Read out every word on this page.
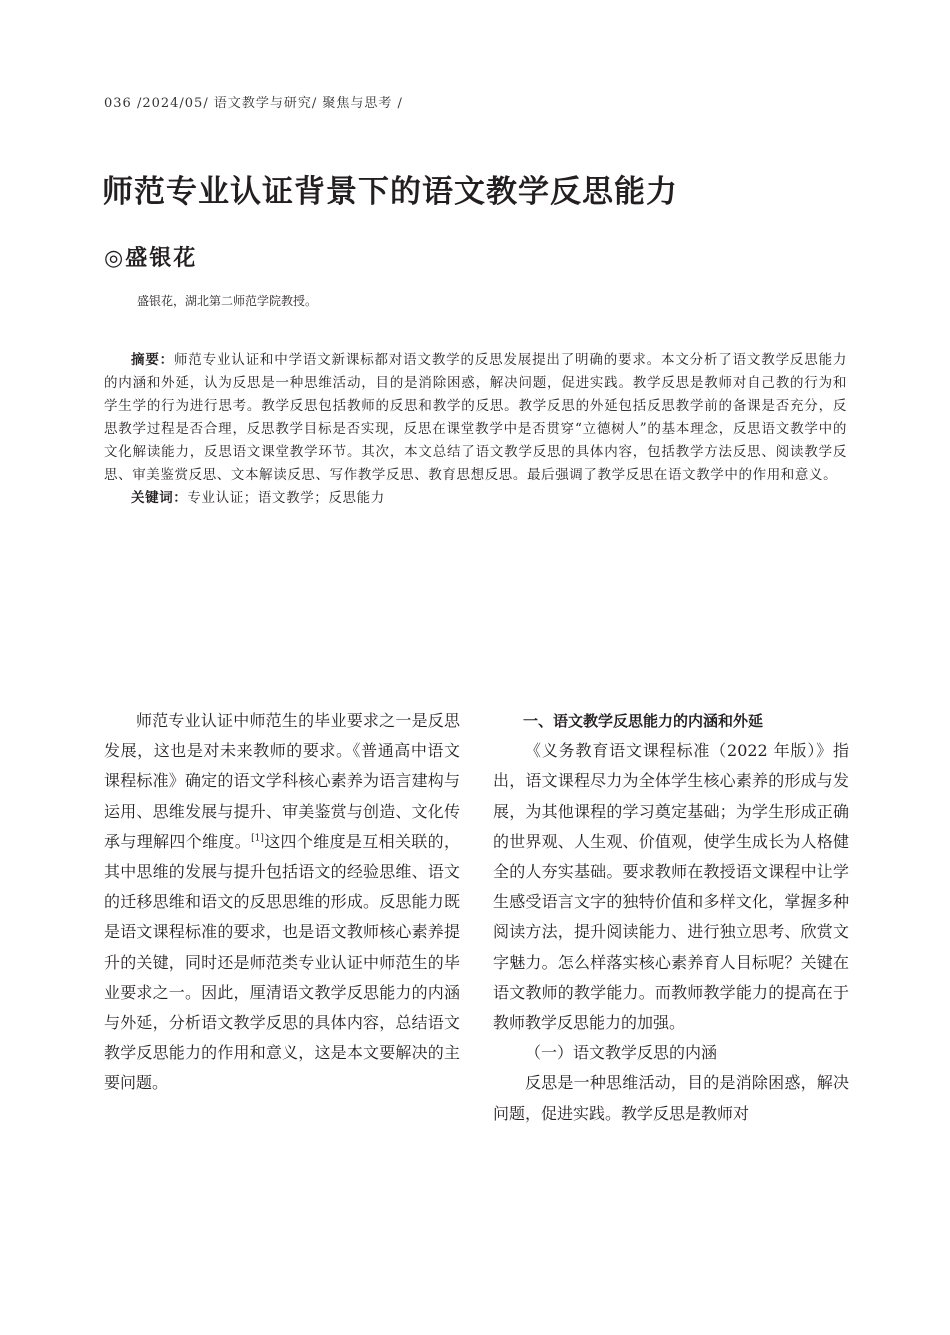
036 /2024/05/ 语文教学与研究/ 聚焦与思考 /
师范专业认证背景下的语文教学反思能力
◎盛银花
盛银花，湖北第二师范学院教授。

摘要：师范专业认证和中学语文新课标都对语文教学的反思发展提出了明确的要求。本文分析了语文教学反思能力的内涵和外延，认为反思是一种思维活动，目的是消除困惑，解决问题，促进实践。教学反思是教师对自己教的行为和学生学的行为进行思考。教学反思包括教师的反思和教学的反思。教学反思的外延包括反思教学前的备课是否充分，反思教学过程是否合理，反思教学目标是否实现，反思在课堂教学中是否贯穿“立德树人”的基本理念，反思语文教学中的文化解读能力，反思语文课堂教学环节。其次，本文总结了语文教学反思的具体内容，包括教学方法反思、阅读教学反思、审美鉴赏反思、文本解读反思、写作教学反思、教育思想反思。最后强调了教学反思在语文教学中的作用和意义。

关键词：专业认证；语文教学；反思能力

师范专业认证中师范生的毕业要求之一是反思发展，这也是对未来教师的要求。《普通高中语文课程标准》确定的语文学科核心素养为语言建构与运用、思维发展与提升、审美鉴赏与创造、文化传承与理解四个维度。[1]这四个维度是互相关联的，其中思维的发展与提升包括语文的经验思维、语文的迁移思维和语文的反思思维的形成。反思能力既是语文课程标准的要求，也是语文教师核心素养提升的关键，同时还是师范类专业认证中师范生的毕业要求之一。因此，厘清语文教学反思能力的内涵与外延，分析语文教学反思的具体内容，总结语文教学反思能力的作用和意义，这是本文要解决的主要问题。

一、语文教学反思能力的内涵和外延

《义务教育语文课程标准（2022 年版）》指出，语文课程尽力为全体学生核心素养的形成与发展，为其他课程的学习奠定基础；为学生形成正确的世界观、人生观、价值观，使学生成长为人格健全的人夯实基础。要求教师在教授语文课程中让学生感受语言文字的独特价值和多样文化，掌握多种阅读方法，提升阅读能力、进行独立思考、欣赏文字魅力。怎么样落实核心素养育人目标呢？关键在语文教师的教学能力。而教师教学能力的提高在于教师教学反思能力的加强。

（一）语文教学反思的内涵

反思是一种思维活动，目的是消除困惑，解决问题，促进实践。教学反思是教师对
